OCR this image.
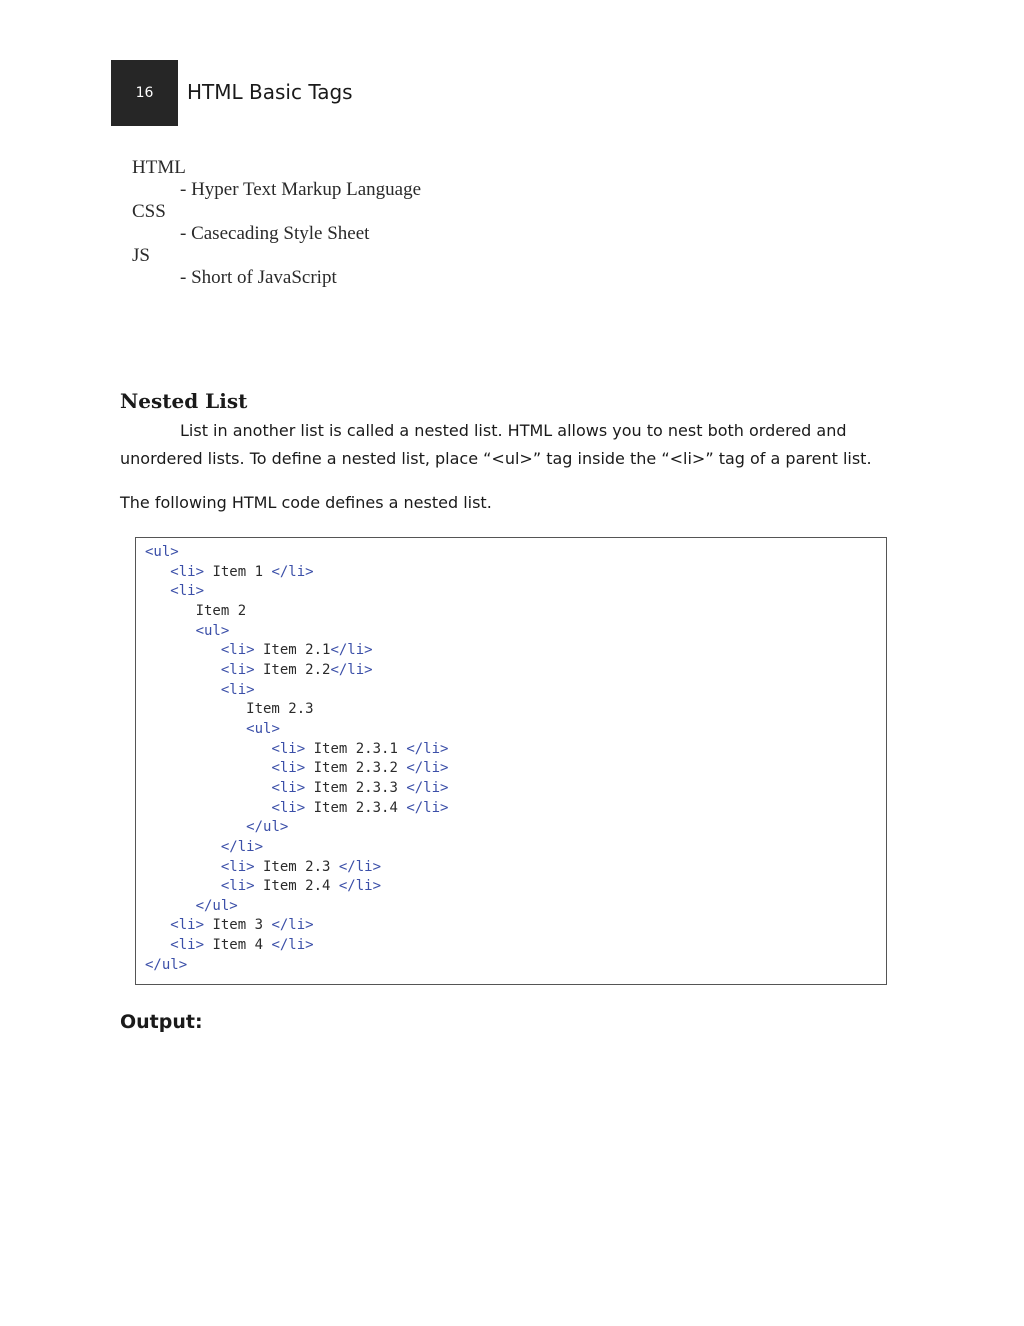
16 HTML Basic Tags

HTML

- Hyper Text Markup Language

CSS

- Casecading Style Sheet

JS

- Short of JavaScript

Nested List

List in another list is called a nested list. HTML allows you to nest both ordered and unordered lists. To define a nested list, place “<ul>” tag inside the “<li>” tag of a parent list.

The following HTML code defines a nested list.

<ul>
<li> Item 1 </li>
<li>
Item 2
<ul>
<li> Item 2.1</li>
<li> Item 2.2</li>
<li>
Item 2.3
<ul>
<li> Item 2.3.1 </li>
<li> Item 2.3.2 </li>
<li> Item 2.3.3 </li>
<li> Item 2.3.4 </li>
</ul>
</li>
<li> Item 2.3 </li>
<li> Item 2.4 </li>
</ul>
<li> Item 3 </li>
<li> Item 4 </li>
</ul>
Output:
